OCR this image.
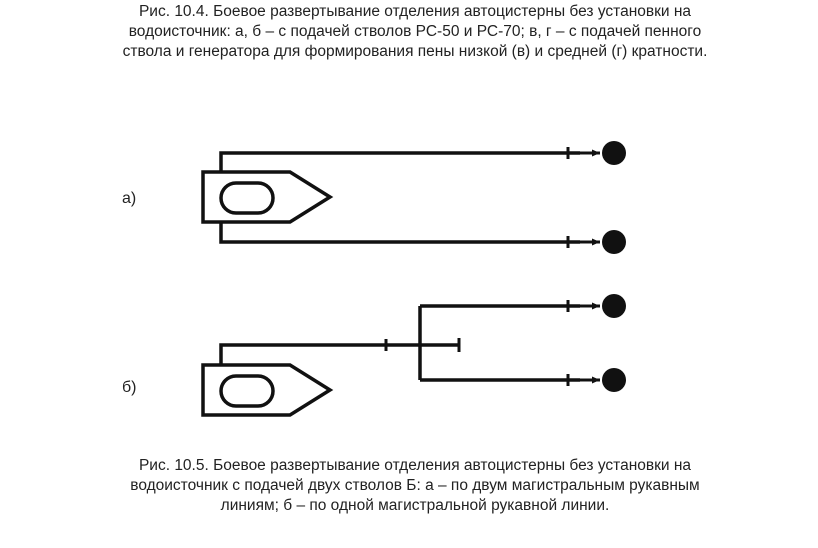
Рис. 10.4. Боевое развертывание отделения автоцистерны без установки на
водоисточник: а, б – с подачей стволов РС-50 и РС-70; в, г – с подачей пенного
ствола и генератора для формирования пены низкой (в) и средней (г) кратности.
а)
б)
Рис. 10.5. Боевое развертывание отделения автоцистерны без установки на
водоисточник с подачей двух стволов Б: а – по двум магистральным рукавным
линиям; б – по одной магистральной рукавной линии.
